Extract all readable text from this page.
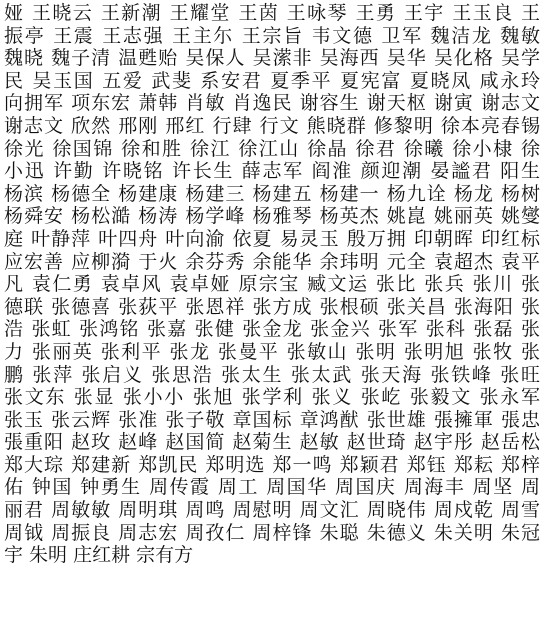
娅 王晓云 王新潮 王耀堂 王茵 王咏琴 王勇 王宇 王玉良 王
振亭 王震 王志强 王主尓 王宗旨 韦文德 卫军 魏洁龙 魏敏
魏晓 魏子清 温甦贻 吴保人 吴潆非 吴海西 吴华 吴化格 吴学
民 吴玉国 五爱 武斐 系安君 夏季平 夏宪富 夏晓凤 咸永玲
向拥军 项东宏 萧韩 肖敏 肖逸民 谢容生 谢天枢 谢寅 谢志文
谢志文 欣然 邢刚 邢红 行肆 行文 熊晓群 修黎明 徐本亮春锡
徐光 徐国锦 徐和胜 徐江 徐江山 徐晶 徐君 徐曦 徐小棣 徐
小迅 许勤 许晓铭 许长生 薛志军 阎淮 颜迎潮 晏謐君 阳生
杨滨 杨德全 杨建康 杨建三 杨建五 杨建一 杨九诠 杨龙 杨树
杨舜安 杨松澔 杨涛 杨学峰 杨雅琴 杨英杰 姚崑 姚丽英 姚燮
庭 叶静萍 叶四舟 叶向渝 依夏 易灵玉 殷万拥 印朝晖 印红标
应宏善 应柳漪 于火 余芬秀 余能华 余玮明 元全 袁超杰 袁平
凡 袁仁勇 袁卓风 袁卓娅 原宗宝 臧文运 张比 张兵 张川 张
德联 张德喜 张荻平 张恩祥 张方成 张根硕 张关昌 张海阳 张
浩 张虹 张鸿铭 张嘉 张健 张金龙 张金兴 张军 张科 张磊 张
力 张丽英 张利平 张龙 张曼平 张敏山 张明 张明旭 张牧 张
鹏 张萍 张启义 张思浩 张太生 张太武 张天海 张铁峰 张旺
张文东 张显 张小小 张旭 张学利 张义 张屹 张毅文 张永军
张玉 张云辉 张准 张子敬 章国标 章鸿猷 张世雄 張擁軍 張忠
張重阳 赵玫 赵峰 赵国简 赵菊生 赵敏 赵世琦 赵宇彤 赵岳松
郑大琮 郑建新 郑凯民 郑明选 郑一鸣 郑颖君 郑钰 郑耘 郑梓
佑 钟国 钟勇生 周传霞 周工 周国华 周国庆 周海丰 周坚 周
丽君 周敏敏 周明琪 周鸣 周慰明 周文汇 周晓伟 周戍乾 周雪
周钺 周振良 周志宏 周孜仁 周梓锋 朱聪 朱德义 朱关明 朱冠
宇 朱明 庄红耕 宗有方
